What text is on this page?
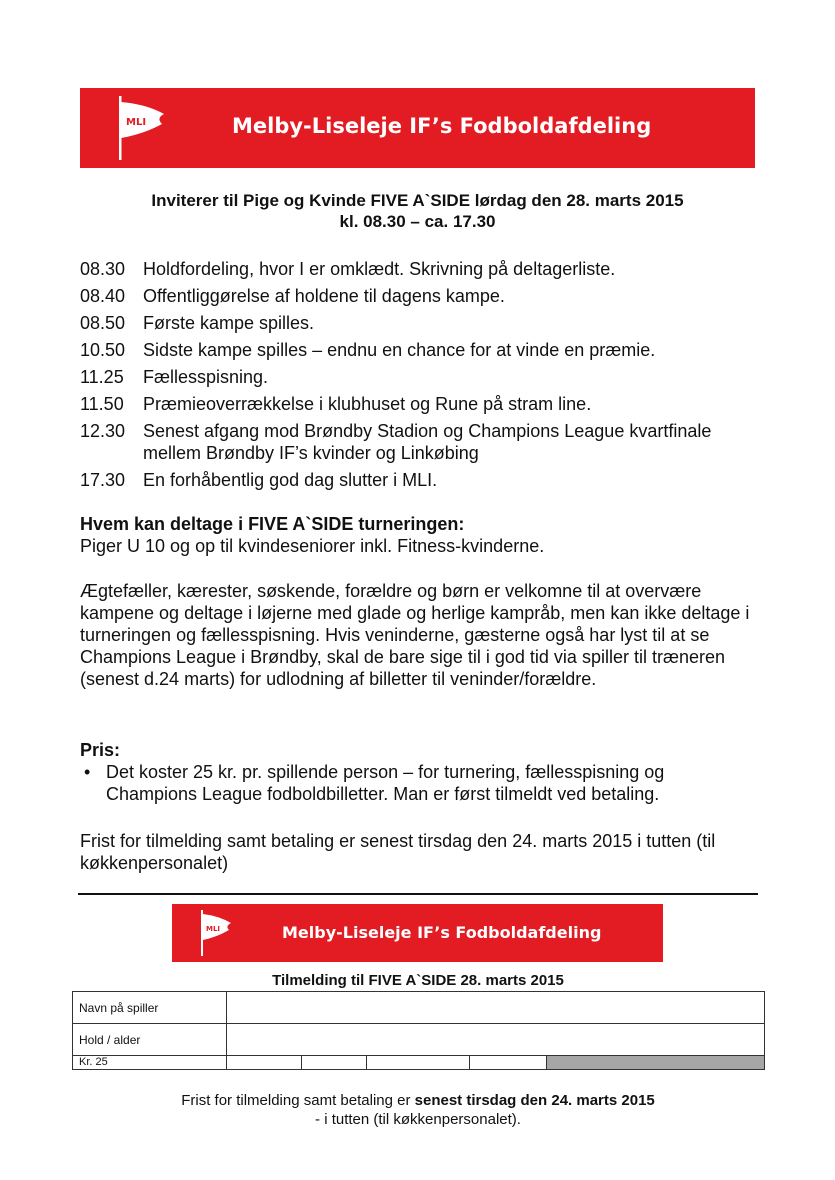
MLI	Melby-Liseleje IF’s Fodboldafdeling
Inviterer til Pige og Kvinde FIVE A`SIDE lørdag den 28. marts 2015
kl. 08.30 – ca. 17.30
08.30 Holdfordeling, hvor I er omklædt. Skrivning på deltagerliste.
08.40 Offentliggørelse af holdene til dagens kampe.
08.50 Første kampe spilles.
10.50 Sidste kampe spilles – endnu en chance for at vinde en præmie.
11.25	Fællesspisning.
11.50	Præmieoverrækkelse i klubhuset og Rune på stram line.
12.30 Senest afgang mod Brøndby Stadion og Champions League kvartfinale mellem Brøndby IF’s kvinder og Linkøbing
17.30 En forhåbentlig god dag slutter i MLI.
Hvem kan deltage i FIVE A`SIDE turneringen:
Piger U 10 og op til kvindeseniorer inkl. Fitness-kvinderne.
Ægtefæller, kærester, søskende, forældre og børn er velkomne til at overvære kampene og deltage i løjerne med glade og herlige kampråb, men kan ikke deltage i turneringen og fællesspisning. Hvis veninderne, gæsterne også har lyst til at se Champions League i Brøndby, skal de bare sige til i god tid via spiller til træneren (senest d.24 marts) for udlodning af billetter til veninder/forældre.
Pris:
• Det koster 25 kr. pr. spillende person – for turnering, fællesspisning og Champions League fodboldbilletter. Man er først tilmeldt ved betaling.
Frist for tilmelding samt betaling er senest tirsdag den 24. marts 2015 i tutten (til køkkenpersonalet)
MLI	Melby-Liseleje IF’s Fodboldafdeling
Tilmelding til FIVE A`SIDE 28. marts 2015
Navn på spiller					
Hold / alder					
Kr. 25					
Frist for tilmelding samt betaling er senest tirsdag den 24. marts 2015
- i tutten (til køkkenpersonalet).
